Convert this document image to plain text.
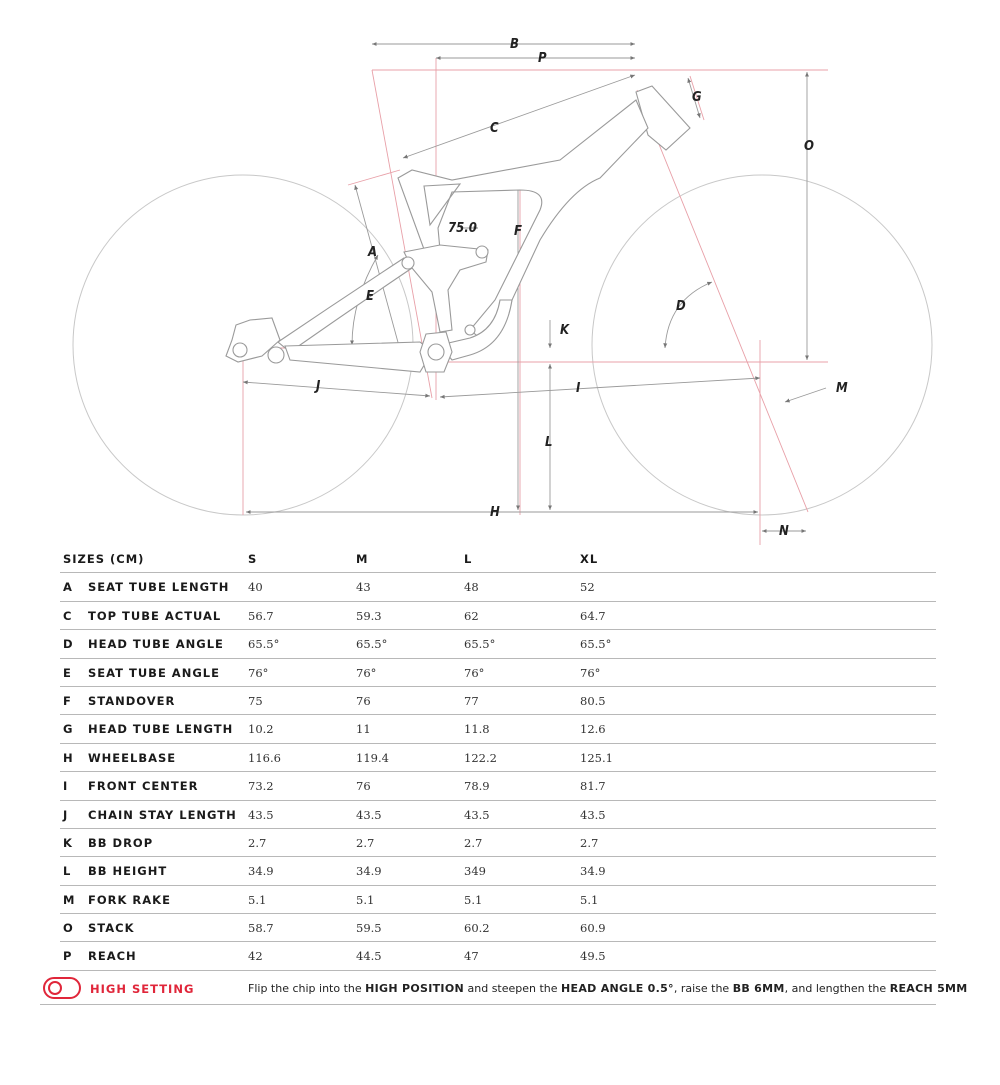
B
P
C
G
O
A
E
F
D
K
J	I	M
L
H
N
75.0
SIZES (CM)	S	M	L	XL
A SEAT TUBE LENGTH 40	43	48	52
C TOP TUBE ACTUAL 56.7	59.3	62	64.7
D HEAD TUBE ANGLE 65.5°	65.5°	65.5°	65.5°
E SEAT TUBE ANGLE 76°	76°	76°	76°
F STANDOVER	75	76	77	80.5
G HEAD TUBE LENGTH 10.2	11	11.8	12.6
H WHEELBASE	116.6	119.4	122.2	125.1
I FRONT CENTER	73.2	76	78.9	81.7
J CHAIN STAY LENGTH 43.5	43.5	43.5	43.5
K BB DROP	2.7	2.7	2.7	2.7
L BB HEIGHT	34.9	34.9	349	34.9
M FORK RAKE	5.1	5.1	5.1	5.1
O STACK	58.7	59.5	60.2	60.9
P REACH	42	44.5	47	49.5
HIGH SETTING	Flip the chip into the HIGH POSITION and steepen the HEAD ANGLE 0.5°, raise the BB 6MM, and lengthen the REACH 5MM
